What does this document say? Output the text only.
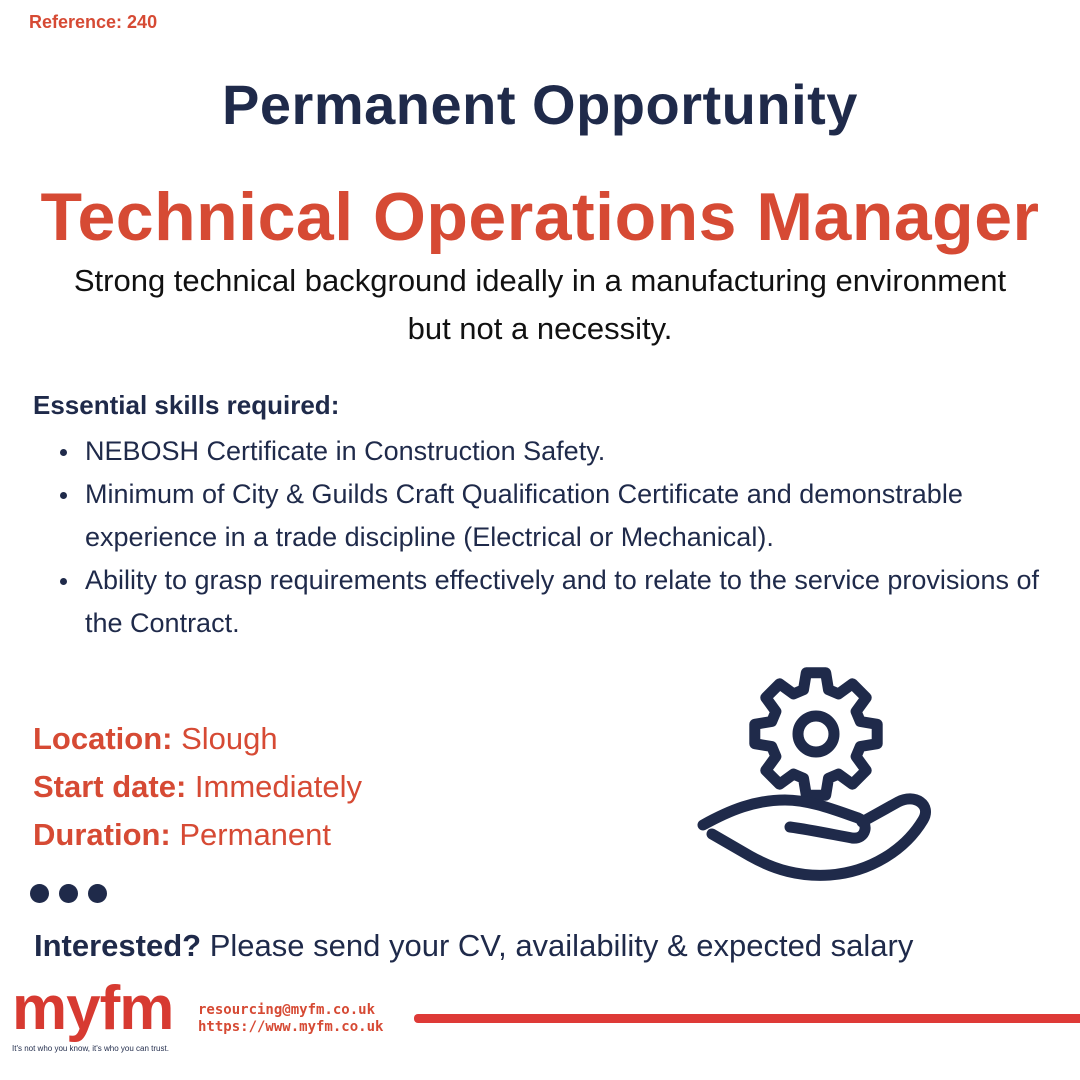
Reference: 240
Permanent Opportunity
Technical Operations Manager
Strong technical background ideally in a manufacturing environment but not a necessity.
Essential skills required:
NEBOSH Certificate in Construction Safety.
Minimum of City & Guilds Craft Qualification Certificate and demonstrable experience in a trade discipline (Electrical or Mechanical).
Ability to grasp requirements effectively and to relate to the service provisions of the Contract.
Location: Slough
Start date: Immediately
Duration: Permanent
Interested? Please send your CV, availability & expected salary
myfm
It's not who you know, it's who you can trust.
resourcing@myfm.co.uk
https://www.myfm.co.uk
